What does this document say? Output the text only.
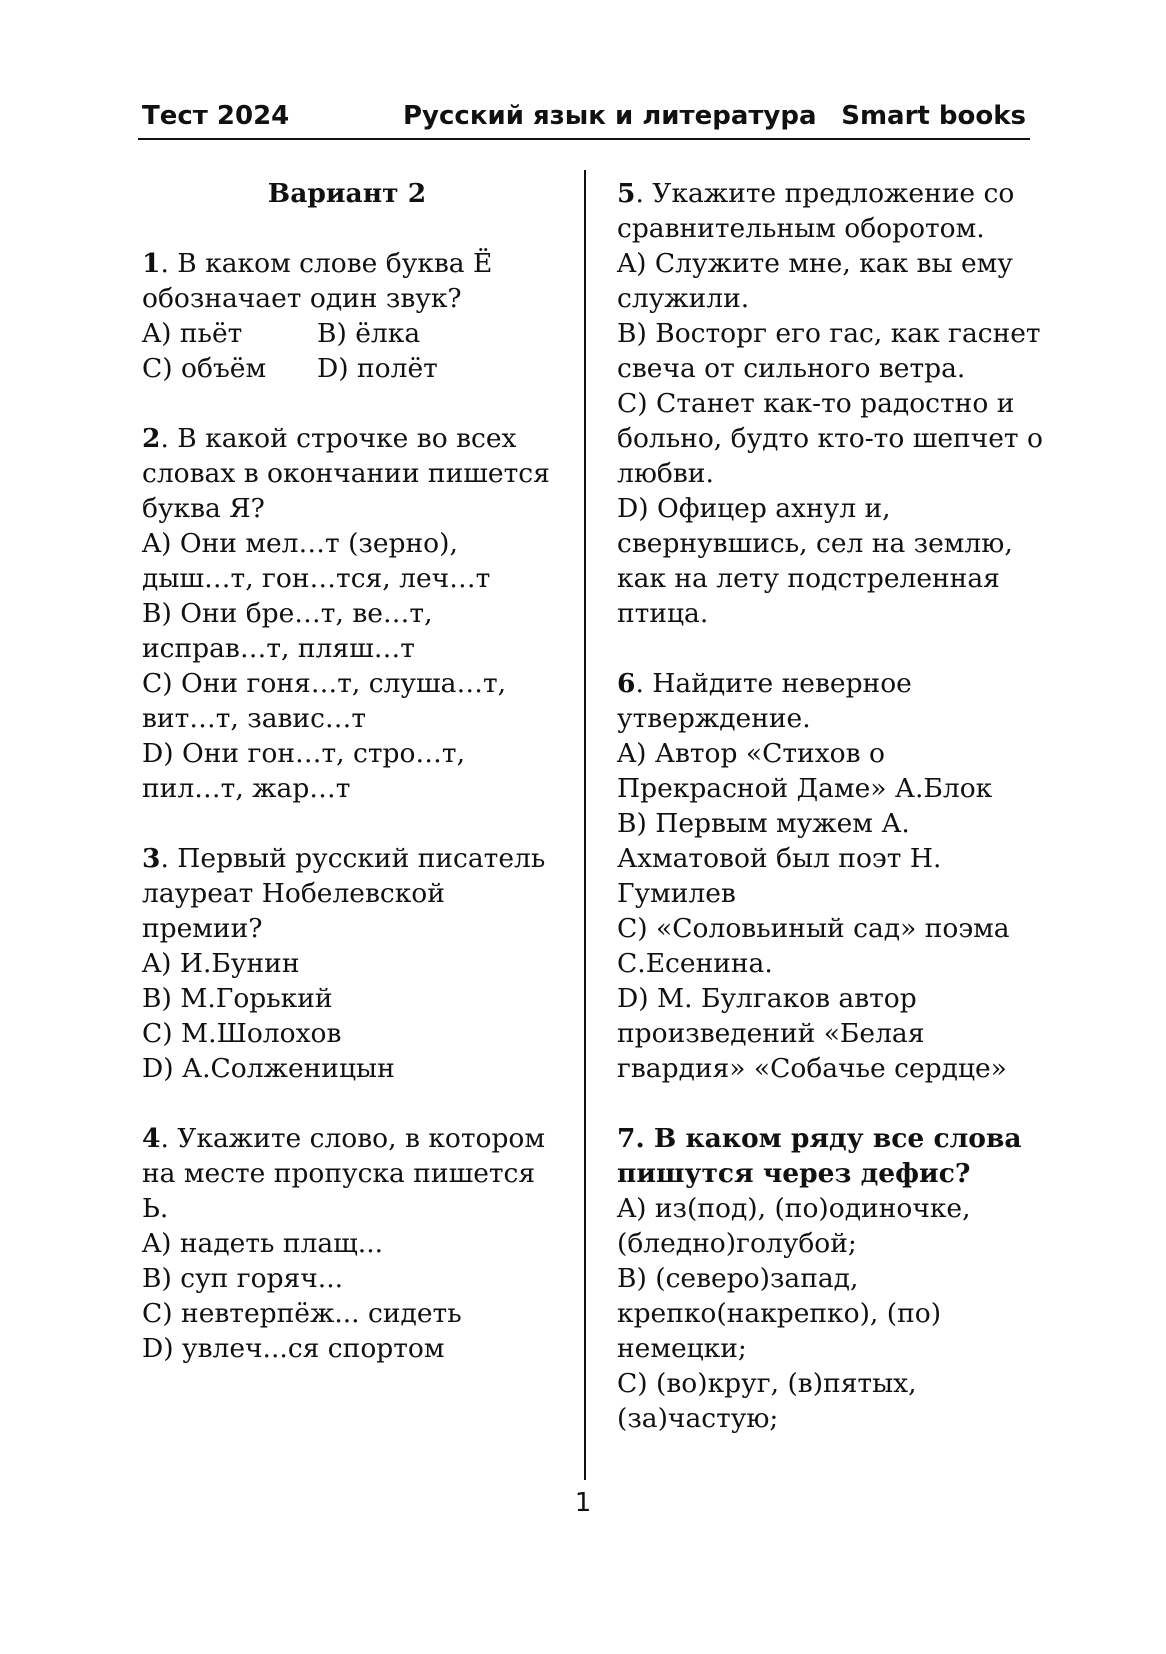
Тест 2024	Русский язык и литература Smart books

Вариант 2

1. В каком слове буква Ё обозначает один звук?

A) пьёт	B) ёлка

C) объём	D) полёт

2. В какой строчке во всех словах в окончании пишется буква Я?

A) Они мел…т (зерно), дыш…т, гон…тся, леч…т

B) Они бре…т, ве…т, исправ…т, пляш…т

C) Они гоня…т, слуша…т, вит…т, завис…т

D) Они гон…т, стро…т, пил…т, жар…т

3. Первый русский писатель лауреат Нобелевской премии?

A) И.Бунин

B) М.Горький

C) М.Шолохов

D) А.Солженицын

4. Укажите слово, в котором на месте пропуска пишется Ь.

A) надеть плащ...

B) суп горяч...

C) невтерпёж... сидеть

D) увлеч...ся спортом

5. Укажите предложение со сравнительным оборотом.

A) Служите мне, как вы ему служили.

B) Восторг его гас, как гаснет свеча от сильного ветра.

C) Станет как-то радостно и больно, будто кто-то шепчет о любви.

D) Офицер ахнул и, свернувшись, сел на землю, как на лету подстреленная птица.

6. Найдите неверное утверждение.

A) Автор «Стихов о Прекрасной Даме» А.Блок

B) Первым мужем А. Ахматовой был поэт Н. Гумилев

C) «Соловьиный сад» поэма С.Есенина.

D) М. Булгаков автор произведений «Белая гвардия» «Собачье сердце»

7. В каком ряду все слова пишутся через дефис?

A) из(под), (по)одиночке, (бледно)голубой;

B) (северо)запад, крепко(накрепко), (по) немецки;

C) (во)круг, (в)пятых, (за)частую;

1
